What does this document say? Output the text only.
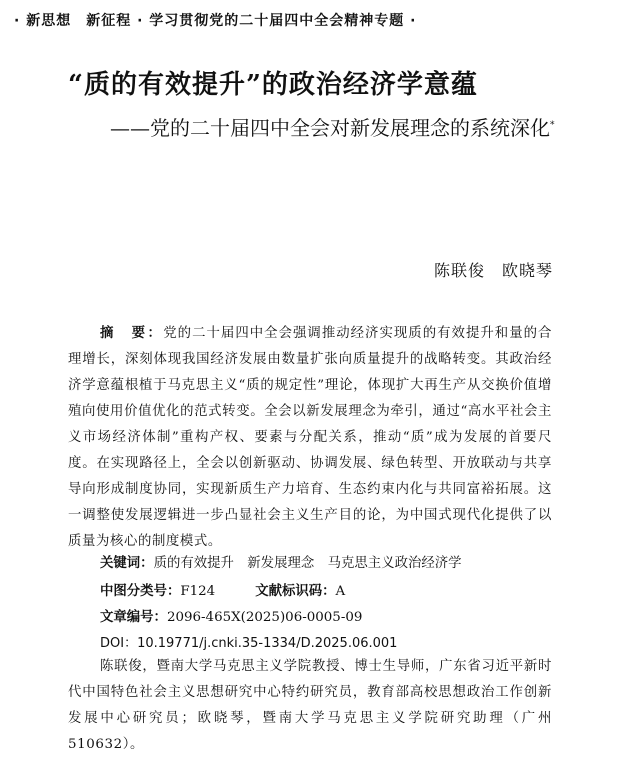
· 新思想　新征程 · 学习贯彻党的二十届四中全会精神专题 ·
“质的有效提升”的政治经济学意蕴
——党的二十届四中全会对新发展理念的系统深化*
陈联俊　欧晓琴
摘　要：党的二十届四中全会强调推动经济实现质的有效提升和量的合理增长，深刻体现我国经济发展由数量扩张向质量提升的战略转变。其政治经济学意蕴根植于马克思主义“质的规定性”理论，体现扩大再生产从交换价值增殖向使用价值优化的范式转变。全会以新发展理念为牵引，通过“高水平社会主义市场经济体制”重构产权、要素与分配关系，推动“质”成为发展的首要尺度。在实现路径上，全会以创新驱动、协调发展、绿色转型、开放联动与共享导向形成制度协同，实现新质生产力培育、生态约束内化与共同富裕拓展。这一调整使发展逻辑进一步凸显社会主义生产目的论，为中国式现代化提供了以质量为核心的制度模式。
关键词：质的有效提升　新发展理念　马克思主义政治经济学
中图分类号：F124	文献标识码：A
文章编号：2096-465X(2025)06-0005-09
DOI：10.19771/j.cnki.35-1334/D.2025.06.001
陈联俊，暨南大学马克思主义学院教授、博士生导师，广东省习近平新时代中国特色社会主义思想研究中心特约研究员，教育部高校思想政治工作创新发展中心研究员；欧晓琴，暨南大学马克思主义学院研究助理（广州　510632）。
